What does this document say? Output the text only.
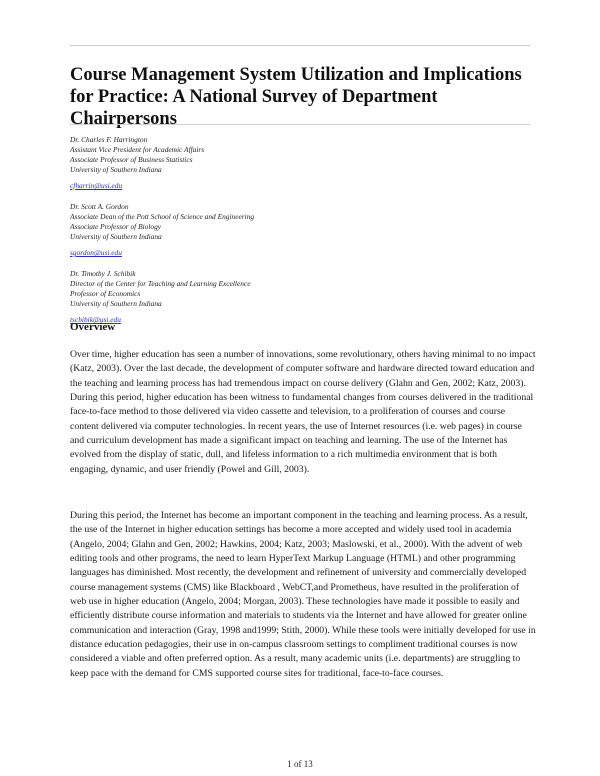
Course Management System Utilization and Implications for Practice: A National Survey of Department Chairpersons
Dr. Charles F. Harrington
Assistant Vice President for Academic Affairs
Associate Professor of Business Statistics
University of Southern Indiana
cfharrin@usi.edu
Dr. Scott A. Gordon
Associate Dean of the Pott School of Science and Engineering
Associate Professor of Biology
University of Southern Indiana
sgordon@usi.edu
Dr. Timothy J. Schibik
Director of the Center for Teaching and Learning Excellence
Professor of Economics
University of Southern Indiana
tschibik@usi.edu
Overview

Over time, higher education has seen a number of innovations, some revolutionary, others having minimal to no impact (Katz, 2003). Over the last decade, the development of computer software and hardware directed toward education and the teaching and learning process has had tremendous impact on course delivery (Glahn and Gen, 2002; Katz, 2003). During this period, higher education has been witness to fundamental changes from courses delivered in the traditional face-to-face method to those delivered via video cassette and television, to a proliferation of courses and course content delivered via computer technologies. In recent years, the use of Internet resources (i.e. web pages) in course and curriculum development has made a significant impact on teaching and learning. The use of the Internet has evolved from the display of static, dull, and lifeless information to a rich multimedia environment that is both engaging, dynamic, and user friendly (Powel and Gill, 2003).

During this period, the Internet has become an important component in the teaching and learning process. As a result, the use of the Internet in higher education settings has become a more accepted and widely used tool in academia (Angelo, 2004; Glahn and Gen, 2002; Hawkins, 2004; Katz, 2003; Maslowski, et al., 2000). With the advent of web editing tools and other programs, the need to learn HyperText Markup Language (HTML) and other programming languages has diminished. Most recently, the development and refinement of university and commercially developed course management systems (CMS) like Blackboard , WebCT,and Prometheus, have resulted in the proliferation of web use in higher education (Angelo, 2004; Morgan, 2003). These technologies have made it possible to easily and efficiently distribute course information and materials to students via the Internet and have allowed for greater online communication and interaction (Gray, 1998 and1999; Stith, 2000). While these tools were initially developed for use in distance education pedagogies, their use in on-campus classroom settings to compliment traditional courses is now considered a viable and often preferred option. As a result, many academic units (i.e. departments) are struggling to keep pace with the demand for CMS supported course sites for traditional, face-to-face courses.

1 of 13
